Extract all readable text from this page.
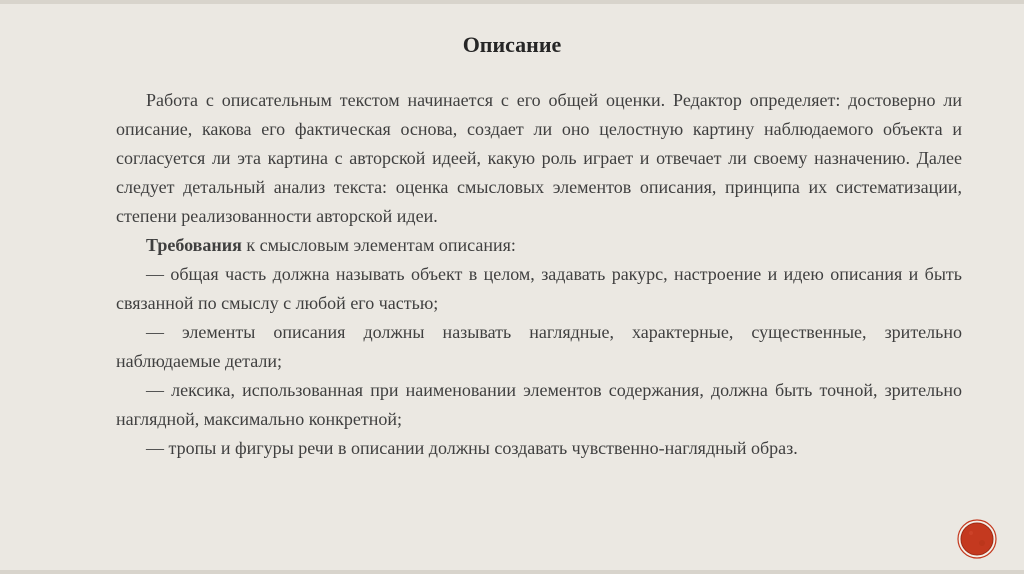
Описание

Работа с описательным текстом начинается с его общей оценки. Редактор определяет: достоверно ли описание, какова его фактическая основа, создает ли оно целостную картину наблюдаемого объекта и согласуется ли эта картина с авторской идеей, какую роль играет и отвечает ли своему назначению. Далее следует детальный анализ текста: оценка смысловых элементов описания, принципа их систематизации, степени реализованности авторской идеи.

Требования к смысловым элементам описания:

— общая часть должна называть объект в целом, задавать ракурс, настроение и идею описания и быть связанной по смыслу с любой его частью;

— элементы описания должны называть наглядные, характерные, существенные, зрительно наблюдаемые детали;

— лексика, использованная при наименовании элементов содержания, должна быть точной, зрительно наглядной, максимально конкретной;

— тропы и фигуры речи в описании должны создавать чувственно-наглядный образ.
